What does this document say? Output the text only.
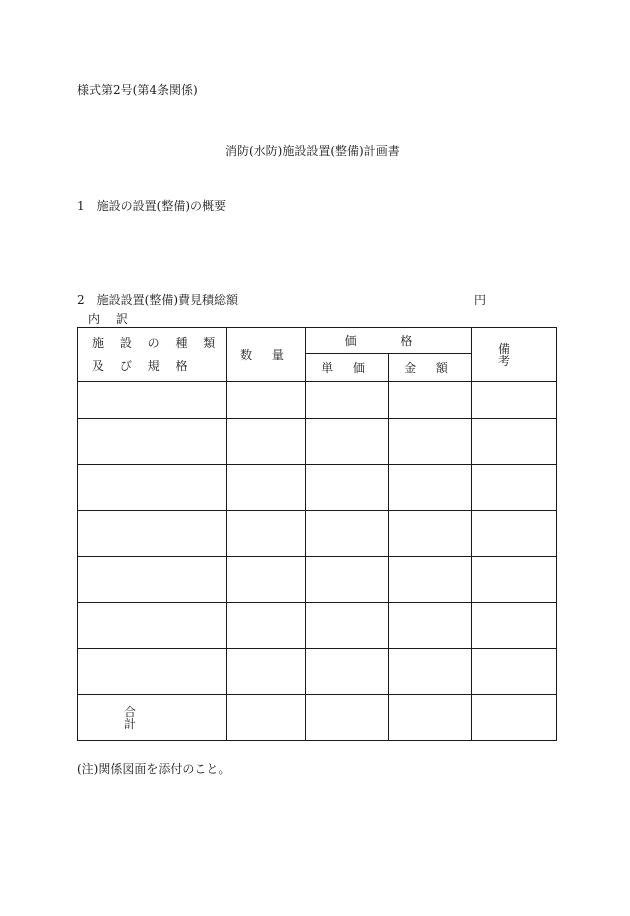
様式第2号(第4条関係)
消防(水防)施設設置(整備)計画書
1　施設の設置(整備)の概要
2　施設設置(整備)費見積総額	円
内 訳
施 設 の 種 類
及 び 規 格	数 量	価 格		備 考
		単 価	金 額	

合 計				
(注)関係図面を添付のこと。
